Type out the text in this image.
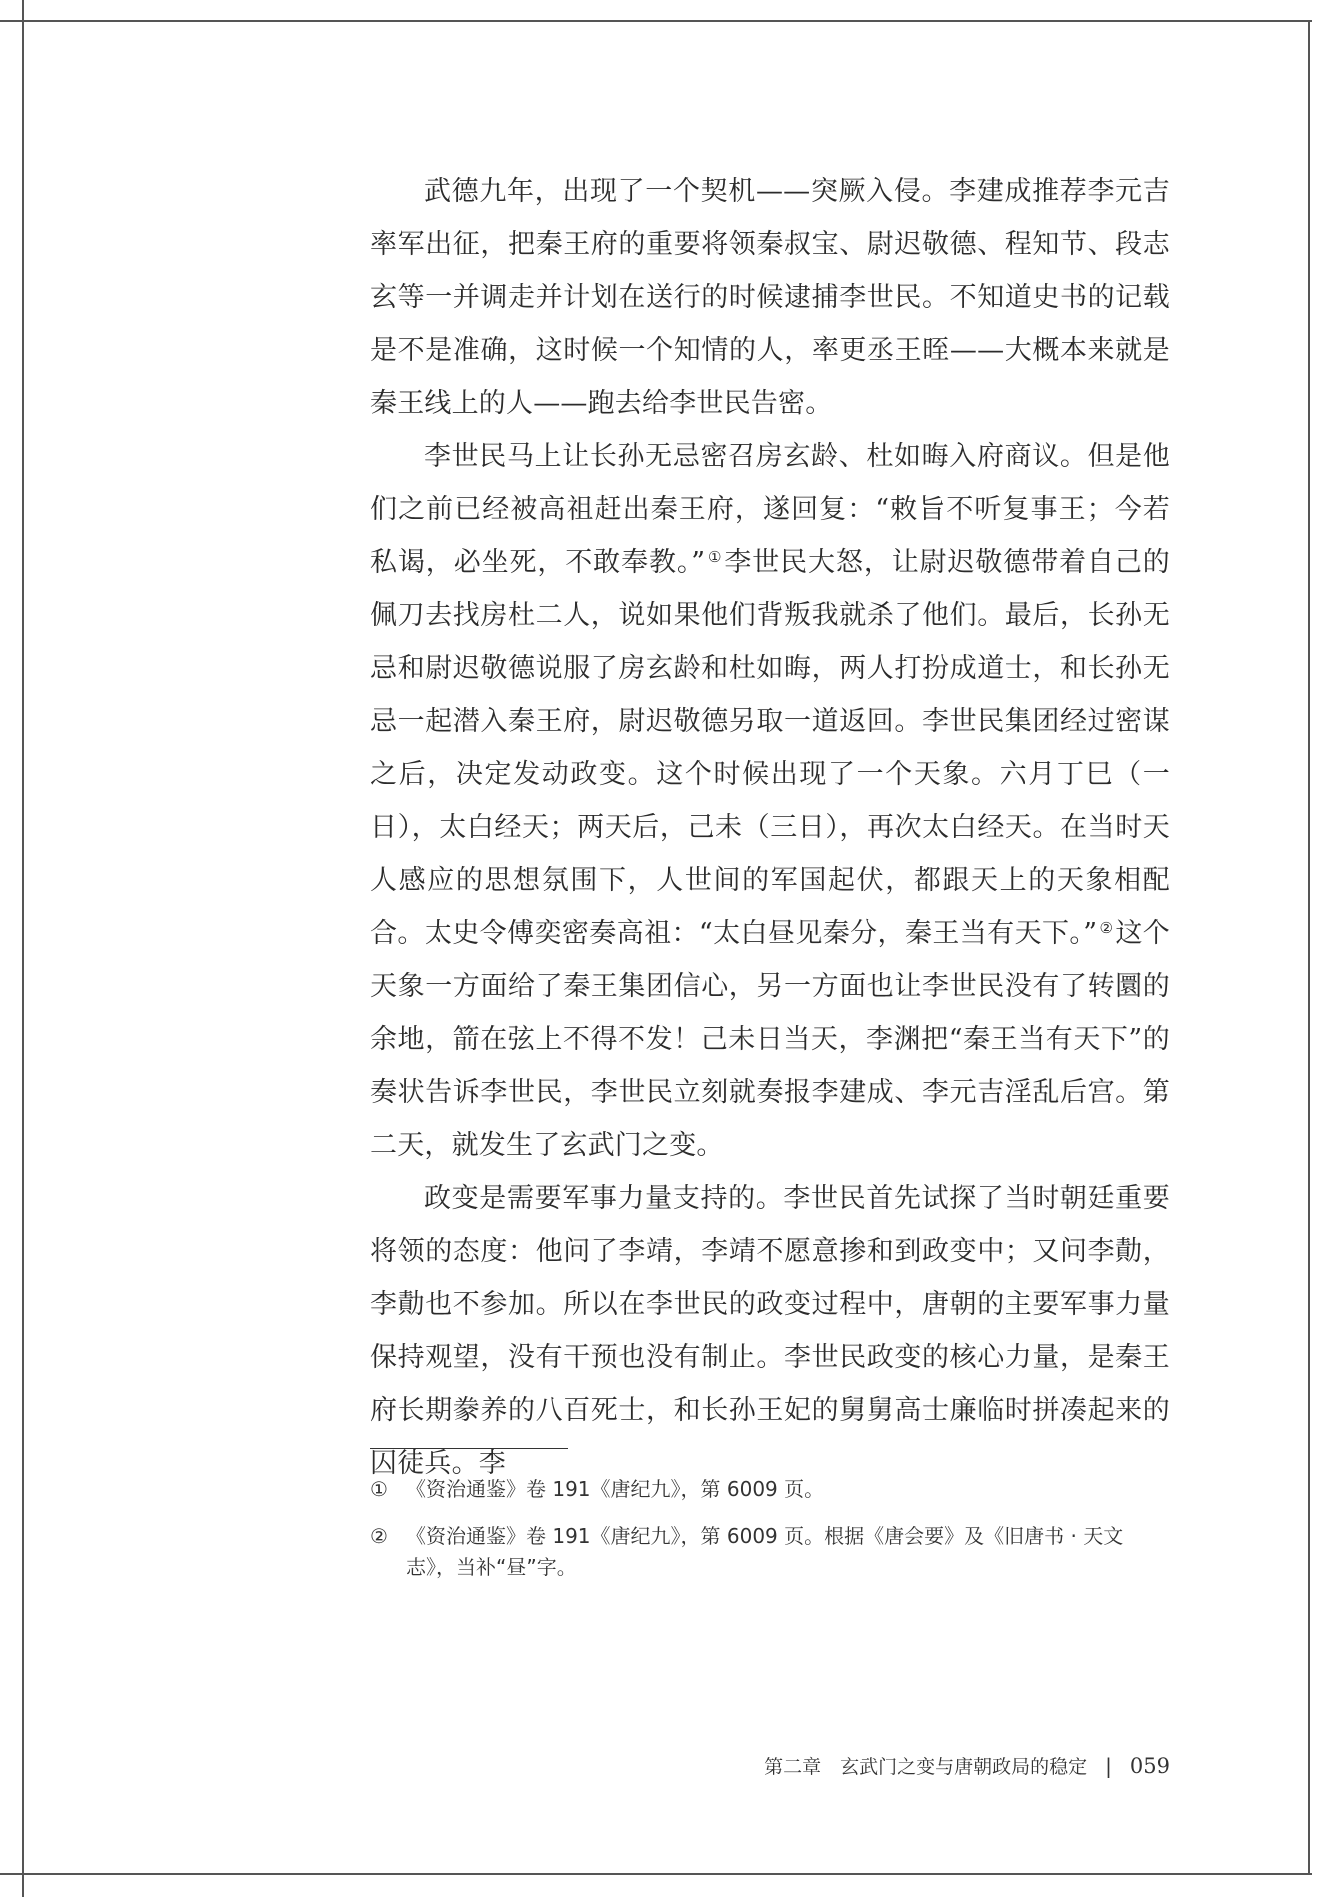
武德九年，出现了一个契机——突厥入侵。李建成推荐李元吉率军出征，把秦王府的重要将领秦叔宝、尉迟敬德、程知节、段志玄等一并调走并计划在送行的时候逮捕李世民。不知道史书的记载是不是准确，这时候一个知情的人，率更丞王晊——大概本来就是秦王线上的人——跑去给李世民告密。

李世民马上让长孙无忌密召房玄龄、杜如晦入府商议。但是他们之前已经被高祖赶出秦王府，遂回复：“敕旨不听复事王；今若私谒，必坐死，不敢奉教。” ①李世民大怒，让尉迟敬德带着自己的佩刀去找房杜二人，说如果他们背叛我就杀了他们。最后，长孙无忌和尉迟敬德说服了房玄龄和杜如晦，两人打扮成道士，和长孙无忌一起潜入秦王府，尉迟敬德另取一道返回。李世民集团经过密谋之后，决定发动政变。这个时候出现了一个天象。六月丁巳（一日），太白经天；两天后，己未（三日），再次太白经天。在当时天人感应的思想氛围下，人世间的军国起伏，都跟天上的天象相配合。太史令傅奕密奏高祖：“太白昼见秦分，秦王当有天下。” ②这个天象一方面给了秦王集团信心，另一方面也让李世民没有了转圜的余地，箭在弦上不得不发！己未日当天，李渊把“秦王当有天下”的奏状告诉李世民，李世民立刻就奏报李建成、李元吉淫乱后宫。第二天，就发生了玄武门之变。

政变是需要军事力量支持的。李世民首先试探了当时朝廷重要将领的态度：他问了李靖，李靖不愿意掺和到政变中；又问李勣，李勣也不参加。所以在李世民的政变过程中，唐朝的主要军事力量保持观望，没有干预也没有制止。李世民政变的核心力量，是秦王府长期豢养的八百死士，和长孙王妃的舅舅高士廉临时拼凑起来的囚徒兵。李

① 《资治通鉴》卷 191《唐纪九》，第 6009 页。
② 《资治通鉴》卷 191《唐纪九》，第 6009 页。根据《唐会要》及《旧唐书 · 天文志》，当补“昼”字。
第二章　玄武门之变与唐朝政局的稳定 | 059
